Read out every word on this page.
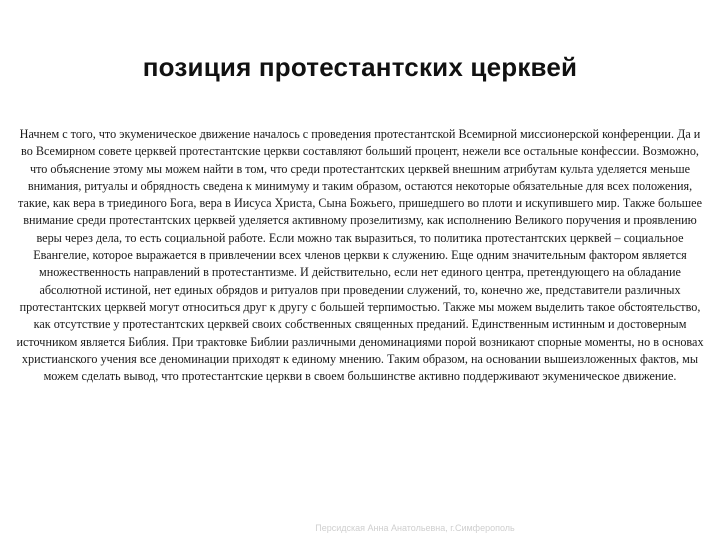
позиция протестантских церквей

Начнем с того, что экуменическое движение началось с проведения протестантской Всемирной миссионерской конференции. Да и во Всемирном совете церквей протестантские церкви составляют больший процент, нежели все остальные конфессии. Возможно, что объяснение этому мы можем найти в том, что среди протестантских церквей внешним атрибутам культа уделяется меньше внимания, ритуалы и обрядность сведена к минимуму и таким образом, остаются некоторые обязательные для всех положения, такие, как вера в триединого Бога, вера в Иисуса Христа, Сына Божьего, пришедшего во плоти и искупившего мир. Также большее внимание среди протестантских церквей уделяется активному прозелитизму, как исполнению Великого поручения и проявлению веры через дела, то есть социальной работе. Если можно так выразиться, то политика протестантских церквей – социальное Евангелие, которое выражается в привлечении всех членов церкви к служению. Еще одним значительным фактором является множественность направлений в протестантизме. И действительно, если нет единого центра, претендующего на обладание абсолютной истиной, нет единых обрядов и ритуалов при проведении служений, то, конечно же, представители различных протестантских церквей могут относиться друг к другу с большей терпимостью. Также мы можем выделить такое обстоятельство, как отсутствие у протестантских церквей своих собственных священных преданий. Единственным истинным и достоверным источником является Библия. При трактовке Библии различными деноминациями порой возникают спорные моменты, но в основах христианского учения все деноминации приходят к единому мнению. Таким образом, на основании вышеизложенных фактов, мы можем сделать вывод, что протестантские церкви в своем большинстве активно поддерживают экуменическое движение.

Персидская Анна Анатольевна, г.Симферополь
